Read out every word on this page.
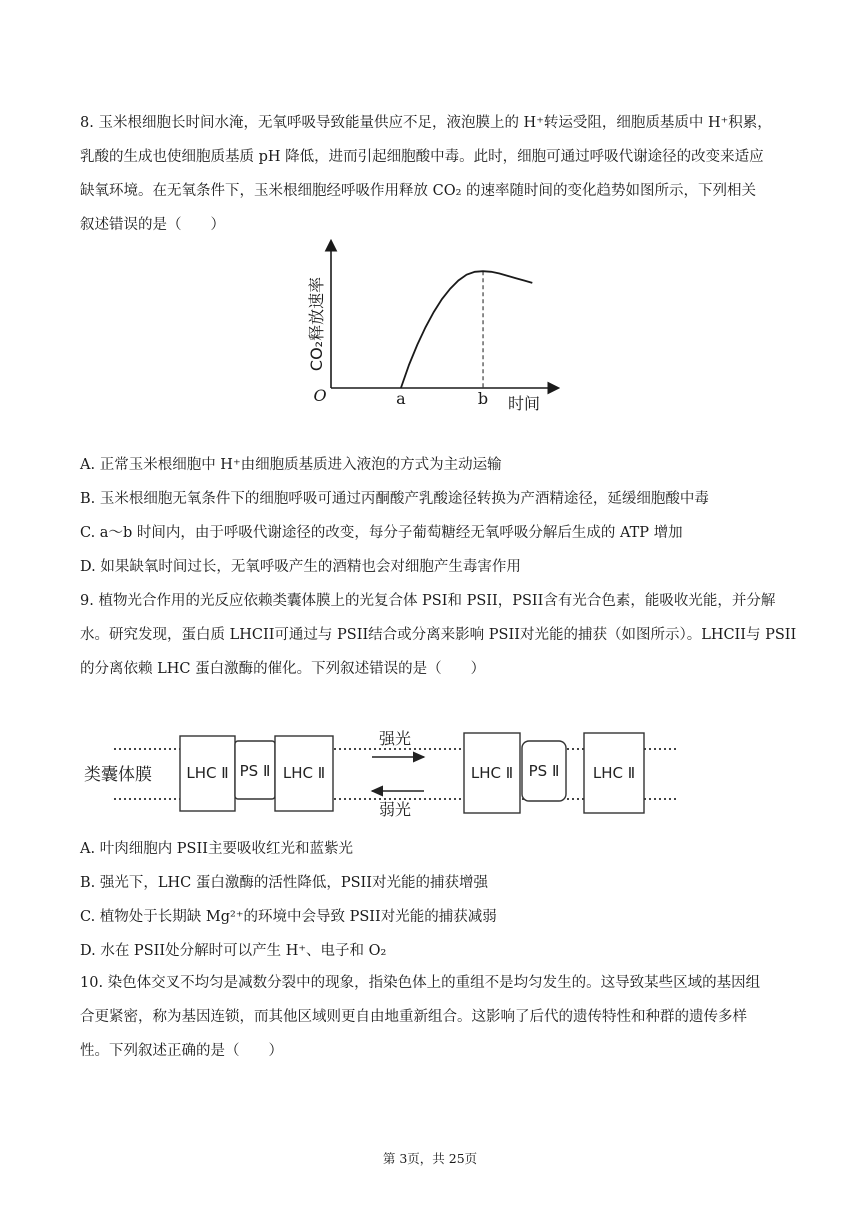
8. 玉米根细胞长时间水淹，无氧呼吸导致能量供应不足，液泡膜上的 H⁺转运受阻，细胞质基质中 H⁺积累，
乳酸的生成也使细胞质基质 pH 降低，进而引起细胞酸中毒。此时，细胞可通过呼吸代谢途径的改变来适应
缺氧环境。在无氧条件下，玉米根细胞经呼吸作用释放 CO₂ 的速率随时间的变化趋势如图所示，下列相关
叙述错误的是（　　）
CO₂释放速率
O	a	b 时间
A. 正常玉米根细胞中 H⁺由细胞质基质进入液泡的方式为主动运输
B. 玉米根细胞无氧条件下的细胞呼吸可通过丙酮酸产乳酸途径转换为产酒精途径，延缓细胞酸中毒
C. a～b 时间内，由于呼吸代谢途径的改变，每分子葡萄糖经无氧呼吸分解后生成的 ATP 增加
D. 如果缺氧时间过长，无氧呼吸产生的酒精也会对细胞产生毒害作用
9. 植物光合作用的光反应依赖类囊体膜上的光复合体 PSI和 PSII，PSII含有光合色素，能吸收光能，并分解
水。研究发现，蛋白质 LHCII可通过与 PSII结合或分离来影响 PSII对光能的捕获（如图所示）。LHCII与 PSII
的分离依赖 LHC 蛋白激酶的催化。下列叙述错误的是（　　）
类囊体膜 LHC Ⅱ PS Ⅱ LHC Ⅱ
强光
弱光
LHC Ⅱ PS Ⅱ LHC Ⅱ
A. 叶肉细胞内 PSII主要吸收红光和蓝紫光
B. 强光下，LHC 蛋白激酶的活性降低，PSII对光能的捕获增强
C. 植物处于长期缺 Mg²⁺的环境中会导致 PSII对光能的捕获减弱
D. 水在 PSII处分解时可以产生 H⁺、电子和 O₂
10. 染色体交叉不均匀是减数分裂中的现象，指染色体上的重组不是均匀发生的。这导致某些区域的基因组
合更紧密，称为基因连锁，而其他区域则更自由地重新组合。这影响了后代的遗传特性和种群的遗传多样
性。下列叙述正确的是（　　）
第 3页，共 25页
